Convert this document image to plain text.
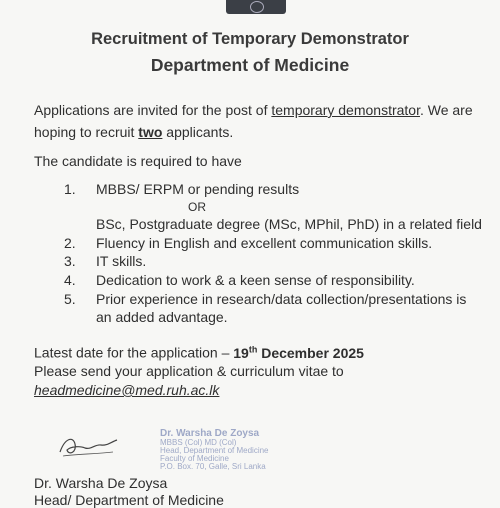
Recruitment of Temporary Demonstrator
Department of Medicine
Applications are invited for the post of temporary demonstrator. We are hoping to recruit two applicants.
The candidate is required to have
1. MBBS/ ERPM or pending results
OR
BSc, Postgraduate degree (MSc, MPhil, PhD) in a related field
2. Fluency in English and excellent communication skills.
3. IT skills.
4. Dedication to work & a keen sense of responsibility.
5. Prior experience in research/data collection/presentations is
an added advantage.
Latest date for the application – 19th December 2025
Please send your application & curriculum vitae to
headmedicine@med.ruh.ac.lk
Dr. Warsha De Zoysa
MBBS (Col) MD (Col)
Head, Department of Medicine
Faculty of Medicine
P.O. Box. 70, Galle, Sri Lanka
Dr. Warsha De Zoysa
Head/ Department of Medicine
